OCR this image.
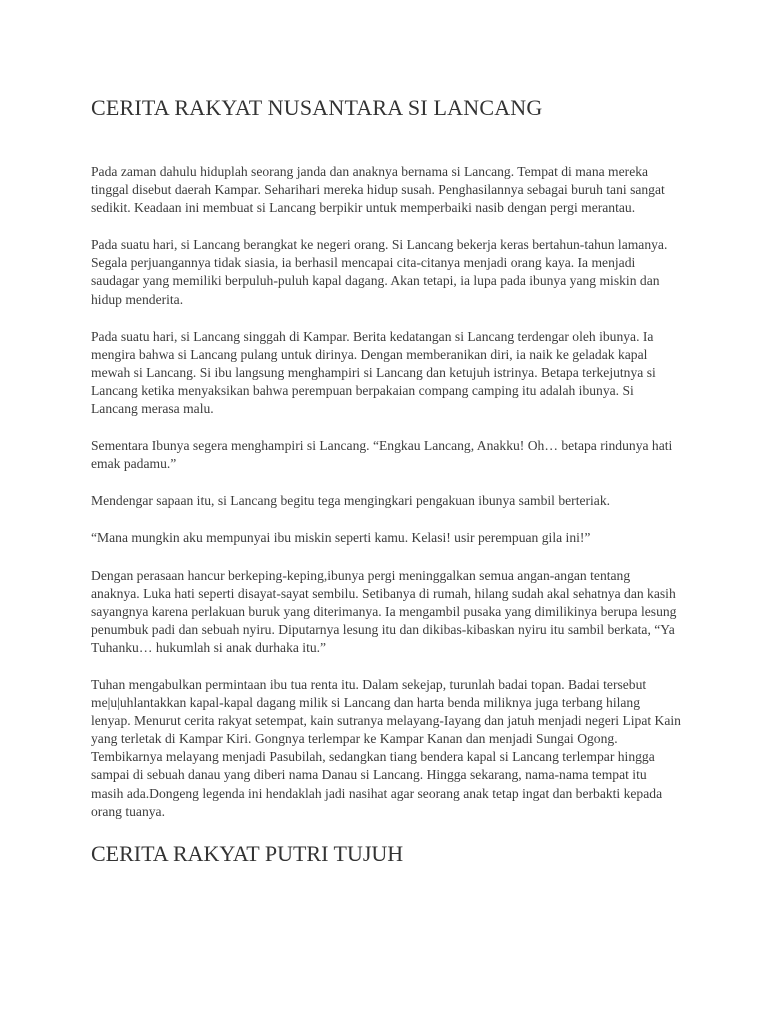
CERITA RAKYAT NUSANTARA SI LANCANG

Pada zaman dahulu hiduplah seorang janda dan anaknya bernama si Lancang. Tempat di mana mereka tinggal disebut daerah Kampar. Seharihari mereka hidup susah. Penghasilannya sebagai buruh tani sangat sedikit. Keadaan ini membuat si Lancang berpikir untuk memperbaiki nasib dengan pergi merantau.

Pada suatu hari, si Lancang berangkat ke negeri orang. Si Lancang bekerja keras bertahun-tahun lamanya. Segala perjuangannya tidak siasia, ia berhasil mencapai cita-citanya menjadi orang kaya. Ia menjadi saudagar yang memiliki berpuluh-puluh kapal dagang. Akan tetapi, ia lupa pada ibunya yang miskin dan hidup menderita.

Pada suatu hari, si Lancang singgah di Kampar. Berita kedatangan si Lancang terdengar oleh ibunya. Ia mengira bahwa si Lancang pulang untuk dirinya. Dengan memberanikan diri, ia naik ke geladak kapal mewah si Lancang. Si ibu langsung menghampiri si Lancang dan ketujuh istrinya. Betapa terkejutnya si Lancang ketika menyaksikan bahwa perempuan berpakaian compang camping itu adalah ibunya. Si Lancang merasa malu.

Sementara Ibunya segera menghampiri si Lancang. “Engkau Lancang, Anakku! Oh… betapa rindunya hati emak padamu.”

Mendengar sapaan itu, si Lancang begitu tega mengingkari pengakuan ibunya sambil berteriak.

“Mana mungkin aku mempunyai ibu miskin seperti kamu. Kelasi! usir perempuan gila ini!”

Dengan perasaan hancur berkeping-keping,ibunya pergi meninggalkan semua angan-angan tentang anaknya. Luka hati seperti disayat-sayat sembilu. Setibanya di rumah, hilang sudah akal sehatnya dan kasih sayangnya karena perlakuan buruk yang diterimanya. Ia mengambil pusaka yang dimilikinya berupa lesung penumbuk padi dan sebuah nyiru. Diputarnya lesung itu dan dikibas-kibaskan nyiru itu sambil berkata, “Ya Tuhanku… hukumlah si anak durhaka itu.”

Tuhan mengabulkan permintaan ibu tua renta itu. Dalam sekejap, turunlah badai topan. Badai tersebut me|u|uhlantakkan kapal-kapal dagang milik si Lancang dan harta benda miliknya juga terbang hilang lenyap. Menurut cerita rakyat setempat, kain sutranya melayang-Iayang dan jatuh menjadi negeri Lipat Kain yang terletak di Kampar Kiri. Gongnya terlempar ke Kampar Kanan dan menjadi Sungai Ogong. Tembikarnya melayang menjadi Pasubilah, sedangkan tiang bendera kapal si Lancang terlempar hingga sampai di sebuah danau yang diberi nama Danau si Lancang. Hingga sekarang, nama-nama tempat itu masih ada.Dongeng legenda ini hendaklah jadi nasihat agar seorang anak tetap ingat dan berbakti kepada orang tuanya.

CERITA RAKYAT PUTRI TUJUH
